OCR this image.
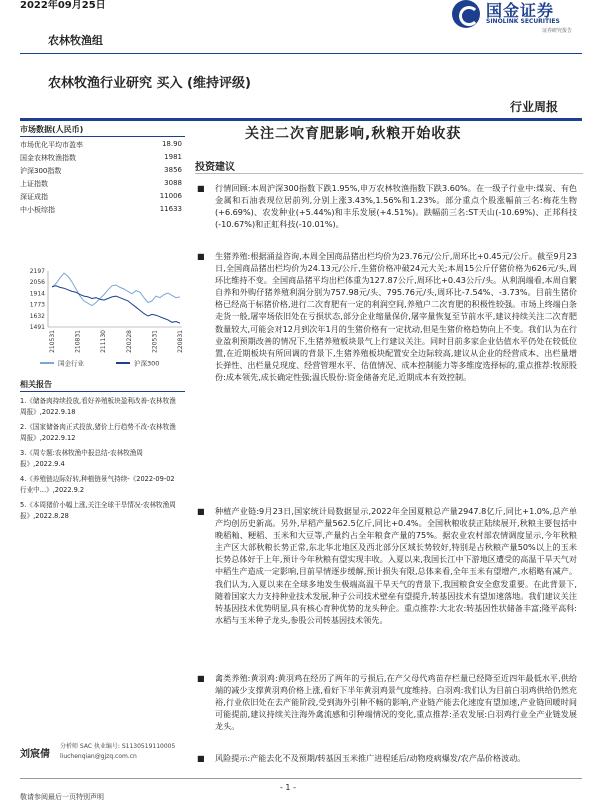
2022年09月25日	国金证券
SINOLINK SECURITIES
证券研究报告
农林牧渔组
农林牧渔行业研究 买入 (维持评级)
行业周报
市场数据(人民币)
市场优化平均市盈率	18.90
国金农林牧渔指数	1981
沪深300指数	3856
上证指数	3088
深证成指	11006
中小板综指	11633
2197
2056
1914
1773
1632
1491
210531	210831	211130	220228	220531	220831
国金行业	沪深300
关注二次育肥影响,秋粮开始收获
投资建议
■	行情回顾:本周沪深300指数下跌1.95%,申万农林牧渔指数下跌3.60%。在一级子行业中:煤炭、有色金属和石油表现位居前列,分别上涨3.43%,1.56%和1.23%。部分重点个股涨幅前三名:梅花生物(+6.69%)、农发种业(+5.44%)和丰乐发展(+4.51%)。跌幅前三名:ST天山(-10.69%)、正邦科技(-10.67%)和正虹科技(-10.01%)。
■	生猪养殖:根据涌益咨询,本周全国商品猪出栏均价为23.76元/公斤,周环比+0.45元/公斤。截至9月23日,全国商品猪出栏均价为24.13元/公斤,生猪价格冲破24元大关;本周15公斤仔猪价格为626元/头,周环比维持不变。全国商品猪平均出栏体重为127.87公斤,周环比+0.43公斤/头。从利润端看,本周自繁自养和外购仔猪养殖利润分别为757.98元/头、795.76元/头,周环比-7.54%、-3.73%。目前生猪价格已经高于标猪价格,进行二次育肥有一定的利润空间,养殖户二次育肥的积极性较强。市场上终端白条走货一般,屠宰场依旧处在亏损状态,部分企业缩量保价,屠宰量恢复至节前水平,建议持续关注二次育肥数量较大,可能会对12月到次年1月的生猪价格有一定扰动,但是生猪价格趋势向上不变。我们认为在行业盈利预期改善的情况下,生猪养殖板块景气上行建议关注。同时目前多家企业估值水平仍处在较低位置,在近期板块有所回调的背景下,生猪养殖板块配置安全边际较高,建议从企业的经营成本、出栏量增长弹性、出栏量兑现度、经营管理水平、估值情况、成本控制能力等多维度选择标的,重点推荐:牧原股份:成本领先,成长确定性强;温氏股份:资金储备充足,近期成本有效控制。
■	种植产业链:9月23日,国家统计局数据显示,2022年全国夏粮总产量2947.8亿斤,同比+1.0%,总产单产均创历史新高。另外,早稻产量562.5亿斤,同比+0.4%。全国秋粮收获正陆续展开,秋粮主要包括中晚稻籼、粳稻、玉米和大豆等,产量约占全年粮食产量的75%。据农业农村部农情调度显示,今年秋粮主产区大部秋粮长势正常,东北华北地区及西北部分区域长势较好,特别是占秋粮产量50%以上的玉米长势总体好于上年,预计今年秋粮有望实现丰收。入夏以来,我国长江中下游地区遭受的高温干旱天气对中稻生产造成一定影响,目前旱情逐步缓解,预计损失有限,总体来看,全年玉米有望增产,水稻略有减产。我们认为,入夏以来在全球多地发生极端高温干旱天气的背景下,我国粮食安全愈发重要。在此背景下,随着国家大力支持种业技术发展,种子公司技术壁垒有望提升,转基因技术有望加速落地。我们建议关注转基因技术优势明显,具有核心育种优势的龙头种企。重点推荐:大北农:转基因性状储备丰富;隆平高科:水稻与玉米种子龙头,参股公司转基因技术领先。
■	禽类养殖:黄羽鸡:黄羽鸡在经历了两年的亏损后,在产父母代鸡苗存栏量已经降至近四年最低水平,供给端的减少支撑黄羽鸡价格上涨,看好下半年黄羽鸡景气度维持。白羽鸡:我们认为目前白羽鸡供给仍然充裕,行业依旧处在去产能阶段,受到海外引种不畅的影响,产业链产能去化速度有望加速,产业链回暖时间可能提前,建议持续关注海外禽流感和引种端情况的变化,重点推荐:圣农发展:白羽鸡行业全产业链发展龙头。
■	风险提示:产能去化不及预期/转基因玉米推广进程延后/动物疫病爆发/农产品价格波动。
相关报告
1.《储备肉持续投放,看好养殖板块盈利改善-农林牧渔周报》,2022.9.18
2.《国家储备肉正式投放,猪价上行趋势不改-农林牧渔周报》,2022.9.12
3.《周专题:农林牧渔中报总结-农林牧渔周报》,2022.9.4
4.《养殖链边际好转,种植链景气持续-《2022-09-02行业中...》,2022.9.2
5.《本周猪价小幅上涨,关注全球干旱情况-农林牧渔周报》,2022.8.28
刘宸倩
分析师 SAC 执业编号: S1130519110005
liuchenqian@gjzq.com.cn
- 1 -
敬请参阅最后一页特别声明
